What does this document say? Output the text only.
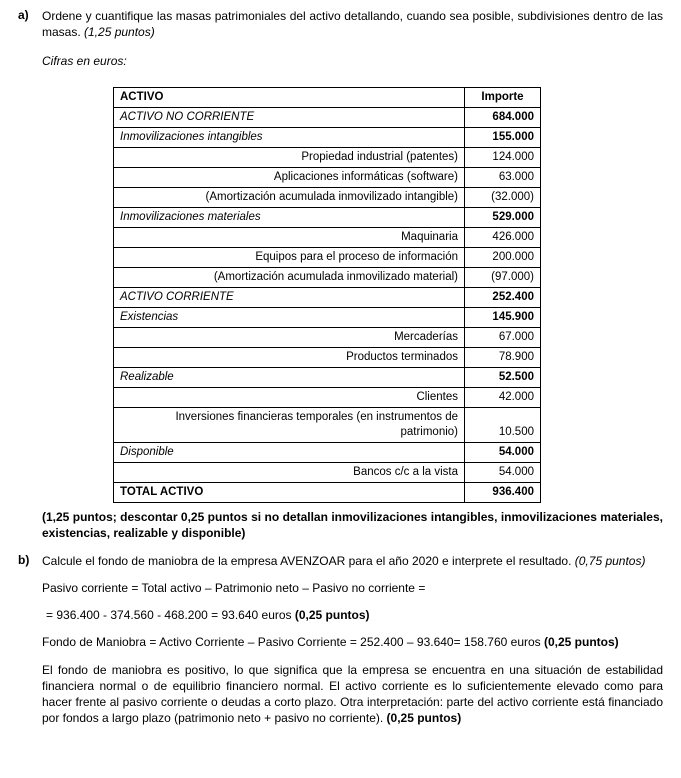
a) Ordene y cuantifique las masas patrimoniales del activo detallando, cuando sea posible, subdivisiones dentro de las masas. (1,25 puntos)

Cifras en euros:

ACTIVO	Importe
ACTIVO NO CORRIENTE	684.000
Inmovilizaciones intangibles	155.000
Propiedad industrial (patentes)	124.000
Aplicaciones informáticas (software)	63.000
(Amortización acumulada inmovilizado intangible)	(32.000)
Inmovilizaciones materiales	529.000
Maquinaria	426.000
Equipos para el proceso de información	200.000
(Amortización acumulada inmovilizado material)	(97.000)
ACTIVO CORRIENTE	252.400
Existencias	145.900
Mercaderías	67.000
Productos terminados	78.900
Realizable	52.500
Clientes	42.000
Inversiones financieras temporales (en instrumentos de patrimonio)	10.500
Disponible	54.000
Bancos c/c a la vista	54.000
TOTAL ACTIVO	936.400

(1,25 puntos; descontar 0,25 puntos si no detallan inmovilizaciones intangibles, inmovilizaciones materiales, existencias, realizable y disponible)

b) Calcule el fondo de maniobra de la empresa AVENZOAR para el año 2020 e interprete el resultado. (0,75 puntos)

Pasivo corriente = Total activo – Patrimonio neto – Pasivo no corriente =

= 936.400 - 374.560 - 468.200 = 93.640 euros (0,25 puntos)

Fondo de Maniobra = Activo Corriente – Pasivo Corriente = 252.400 – 93.640= 158.760 euros (0,25 puntos)

El fondo de maniobra es positivo, lo que significa que la empresa se encuentra en una situación de estabilidad financiera normal o de equilibrio financiero normal. El activo corriente es lo suficientemente elevado como para hacer frente al pasivo corriente o deudas a corto plazo. Otra interpretación: parte del activo corriente está financiado por fondos a largo plazo (patrimonio neto + pasivo no corriente). (0,25 puntos)
